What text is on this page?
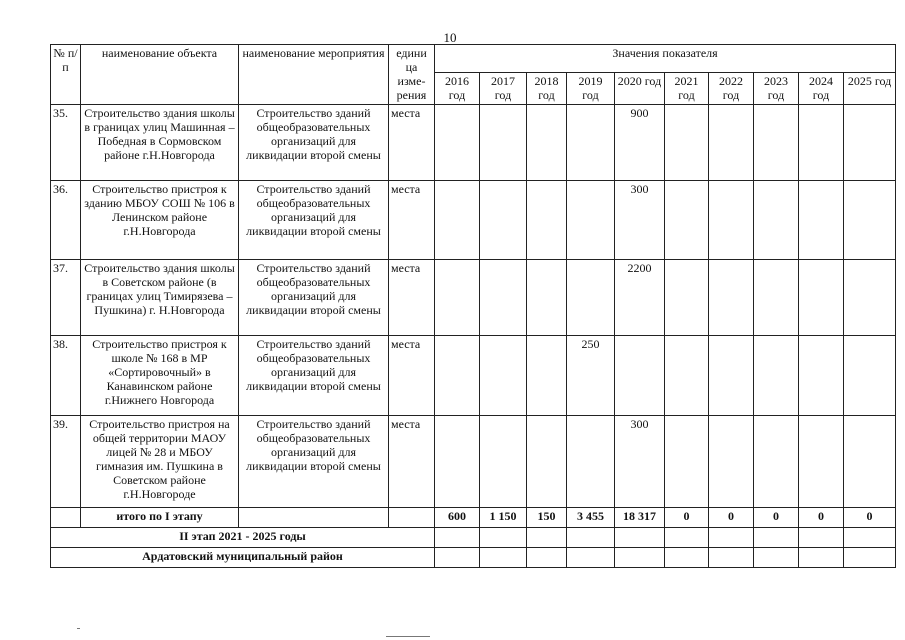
10
№ п/п	наименование объекта	наименование мероприятия	едини ца изме-рения	Значения показателя									
				2016 год	2017 год	2018 год	2019 год	2020 год	2021 год	2022 год	2023 год	2024 год	2025 год
35.	Строительство здания школы в границах улиц Машинная – Победная в Сормовском районе г.Н.Новгорода	Строительство зданий общеобразовательных организаций для ликвидации второй смены	места					900					
36.	Строительство пристроя к зданию МБОУ СОШ № 106 в Ленинском районе г.Н.Новгорода	Строительство зданий общеобразовательных организаций для ликвидации второй смены	места					300					
37.	Строительство здания школы в Советском районе (в границах улиц Тимирязева – Пушкина) г. Н.Новгорода	Строительство зданий общеобразовательных организаций для ликвидации второй смены	места					2200					
38.	Строительство пристроя к школе № 168 в МР «Сортировочный» в Канавинском районе г.Нижнего Новгорода	Строительство зданий общеобразовательных организаций для ликвидации второй смены	места				250						
39.	Строительство пристроя на общей территории МАОУ лицей № 28 и МБОУ гимназия им. Пушкина в Советском районе г.Н.Новгороде	Строительство зданий общеобразовательных организаций для ликвидации второй смены	места					300					
	итого по I этапу			600	1 150	150	3 455	18 317	0	0	0	0	0
II этап 2021 - 2025 годы													
Ардатовский муниципальный район													
